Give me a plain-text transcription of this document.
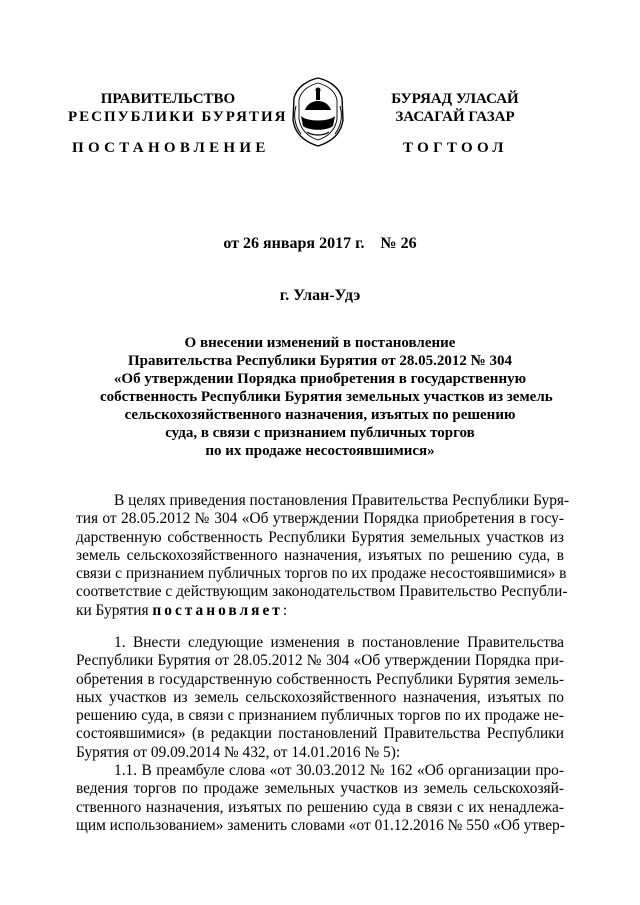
ПРАВИТЕЛЬСТВО
РЕСПУБЛИКИ БУРЯТИЯ
БУРЯАД УЛАСАЙ
ЗАСАГАЙ ГАЗАР
ПОСТАНОВЛЕНИЕ	ТОГТООЛ
от 26 января 2017 г. № 26
г. Улан-Удэ
О внесении изменений в постановление
Правительства Республики Бурятия от 28.05.2012 № 304
«Об утверждении Порядка приобретения в государственную
собственность Республики Бурятия земельных участков из земель
сельскохозяйственного назначения, изъятых по решению
суда, в связи с признанием публичных торгов
по их продаже несостоявшимися»
В целях приведения постановления Правительства Республики Буря-
тия от 28.05.2012 № 304 «Об утверждении Порядка приобретения в госу-
дарственную собственность Республики Бурятия земельных участков из
земель сельскохозяйственного назначения, изъятых по решению суда, в
связи с признанием публичных торгов по их продаже несостоявшимися» в
соответствие с действующим законодательством Правительство Республи-
ки Бурятия постановляет:
1. Внести следующие изменения в постановление Правительства
Республики Бурятия от 28.05.2012 № 304 «Об утверждении Порядка при-
обретения в государственную собственность Республики Бурятия земель-
ных участков из земель сельскохозяйственного назначения, изъятых по
решению суда, в связи с признанием публичных торгов по их продаже не-
состоявшимися» (в редакции постановлений Правительства Республики
Бурятия от 09.09.2014 № 432, от 14.01.2016 № 5):
1.1. В преамбуле слова «от 30.03.2012 № 162 «Об организации про-
ведения торгов по продаже земельных участков из земель сельскохозяй-
ственного назначения, изъятых по решению суда в связи с их ненадлежа-
щим использованием» заменить словами «от 01.12.2016 № 550 «Об утвер-
